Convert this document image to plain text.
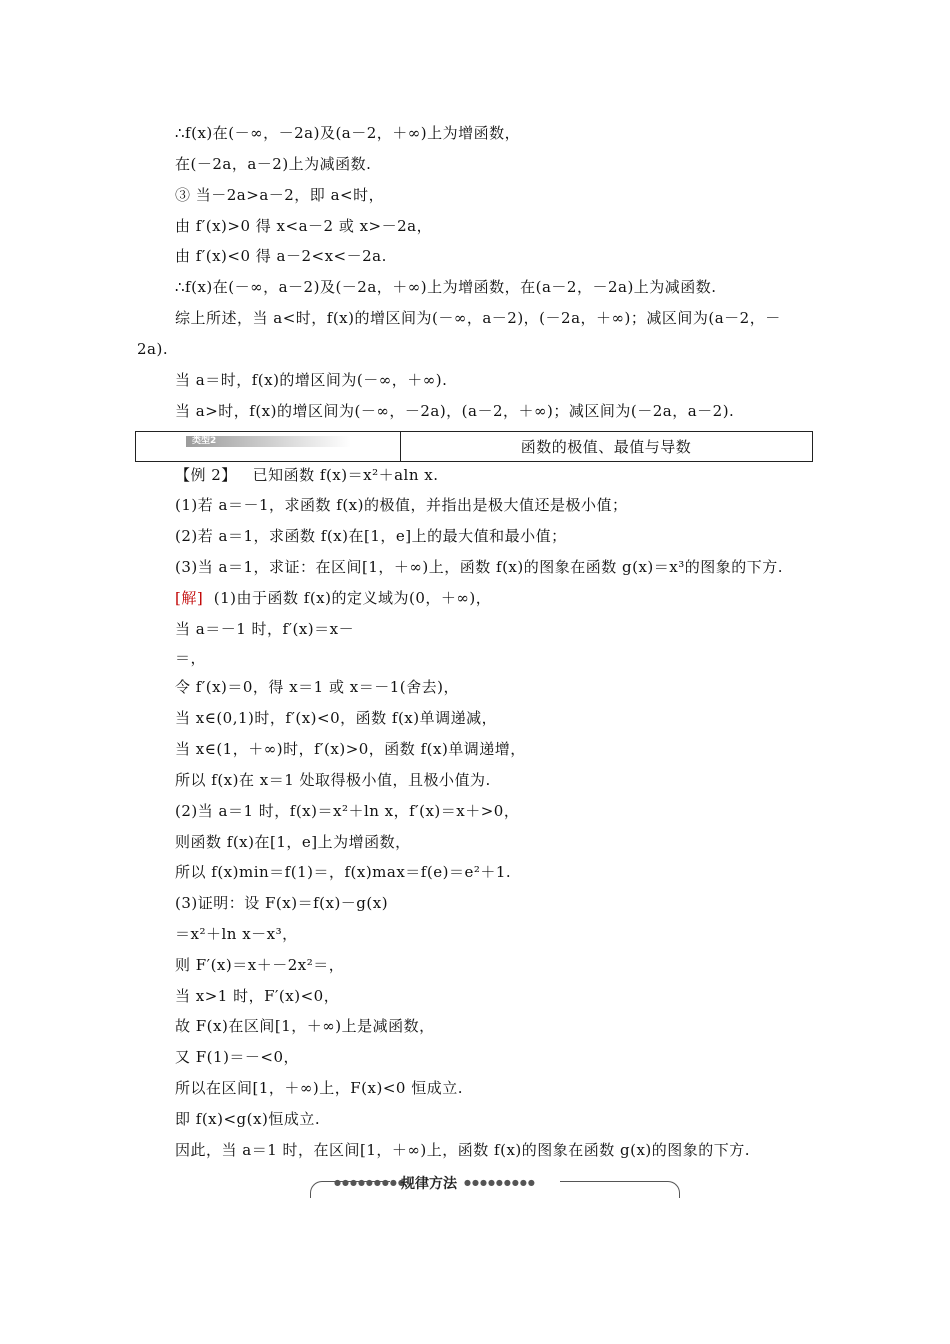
∴f(x)在(－∞，－2a)及(a－2，＋∞)上为增函数，
在(－2a，a－2)上为减函数.
③ 当－2a>a－2，即 a<时，
由 f′(x)>0 得 x<a－2 或 x>－2a，
由 f′(x)<0 得 a－2<x<－2a.
∴f(x)在(－∞，a－2)及(－2a，＋∞)上为增函数，在(a－2，－2a)上为减函数.
综上所述，当 a<时，f(x)的增区间为(－∞，a－2)，(－2a，＋∞)；减区间为(a－2，－
2a).
当 a＝时，f(x)的增区间为(－∞，＋∞).
当 a>时，f(x)的增区间为(－∞，－2a)，(a－2，＋∞)；减区间为(－2a，a－2).
类型2	函数的极值、最值与导数
【例 2】 已知函数 f(x)＝x²＋aln x.
(1)若 a＝－1，求函数 f(x)的极值，并指出是极大值还是极小值；
(2)若 a＝1，求函数 f(x)在[1，e]上的最大值和最小值；
(3)当 a＝1，求证：在区间[1，＋∞)上，函数 f(x)的图象在函数 g(x)＝x³的图象的下方.
[解] (1)由于函数 f(x)的定义域为(0，＋∞)，
当 a＝－1 时，f′(x)＝x－
＝，
令 f′(x)＝0，得 x＝1 或 x＝－1(舍去)，
当 x∈(0,1)时，f′(x)<0，函数 f(x)单调递减，
当 x∈(1，＋∞)时，f′(x)>0，函数 f(x)单调递增，
所以 f(x)在 x＝1 处取得极小值，且极小值为.
(2)当 a＝1 时，f(x)＝x²＋ln x，f′(x)＝x＋>0，
则函数 f(x)在[1，e]上为增函数，
所以 f(x)min＝f(1)＝，f(x)max＝f(e)＝e²＋1.
(3)证明：设 F(x)＝f(x)－g(x)
＝x²＋ln x－x³，
则 F′(x)＝x＋－2x²＝，
当 x>1 时，F′(x)<0，
故 F(x)在区间[1，＋∞)上是减函数，
又 F(1)＝－<0，
所以在区间[1，＋∞)上，F(x)<0 恒成立.
即 f(x)<g(x)恒成立.
因此，当 a＝1 时，在区间[1，＋∞)上，函数 f(x)的图象在函数 g(x)的图象的下方.
●●●●●●●●●
规律方法 ●●●●●●●●●
